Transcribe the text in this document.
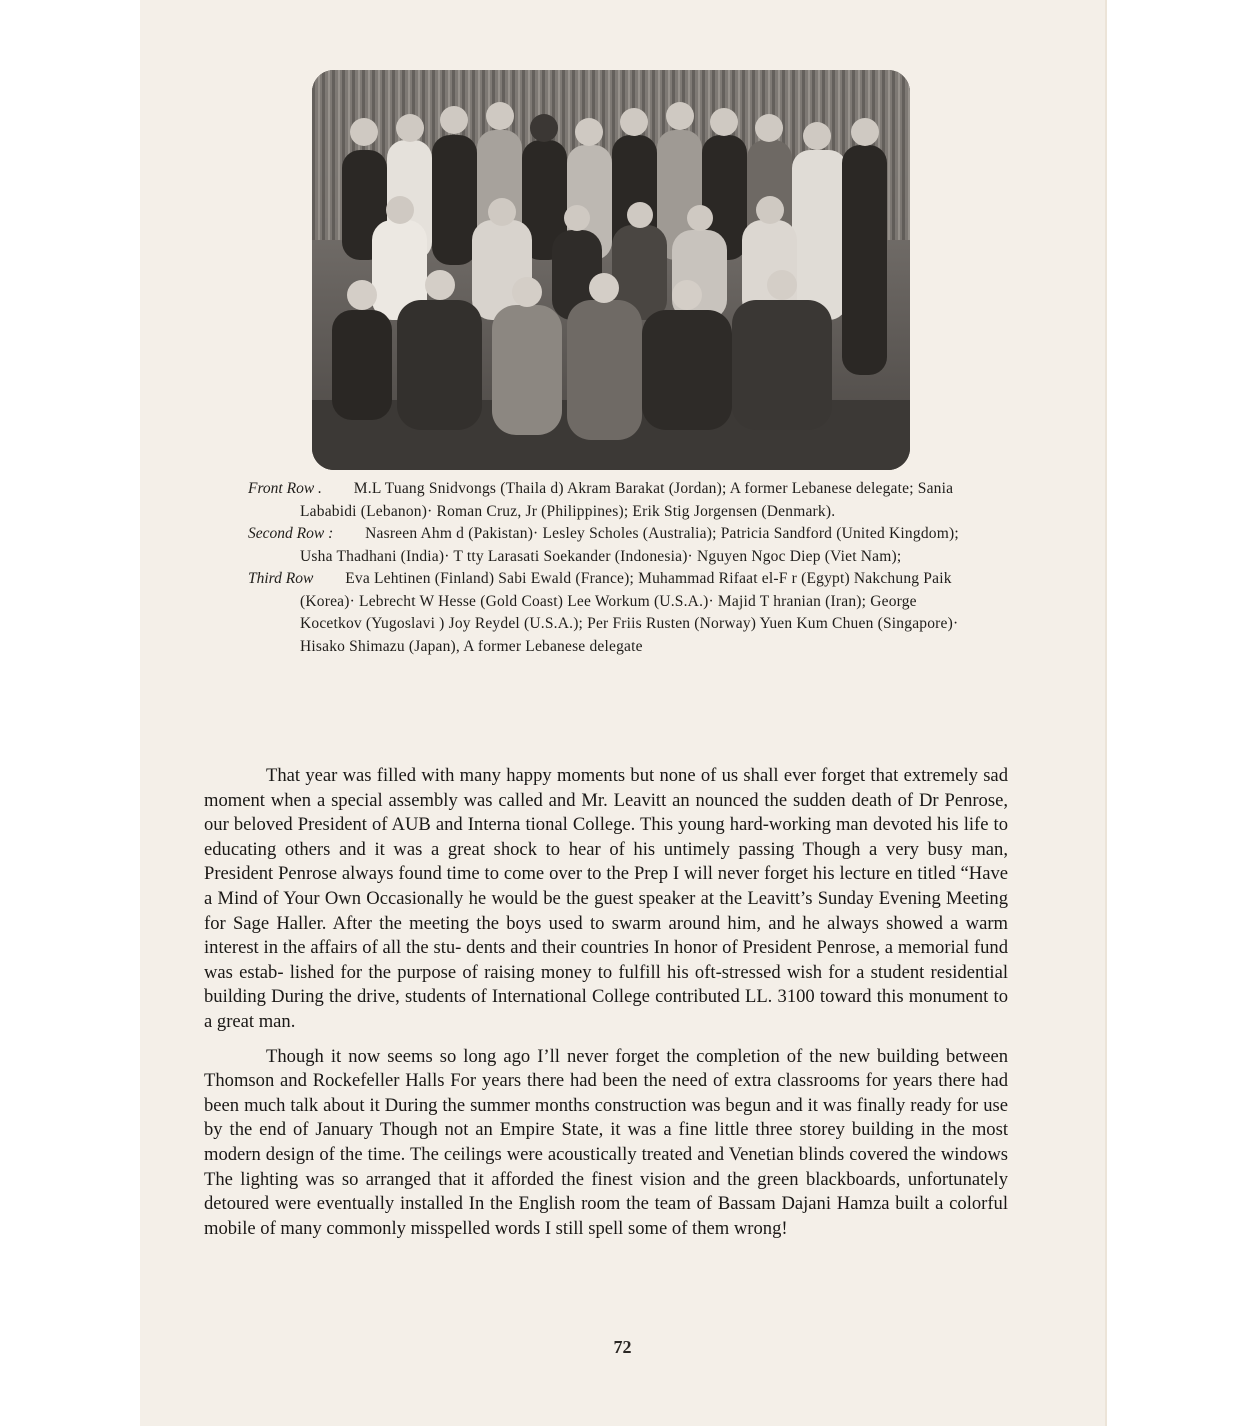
Front Row . M.L Tuang Snidvongs (Thaila d) Akram Barakat (Jordan); A former Lebanese delegate; Sania Lababidi (Lebanon)· Roman Cruz, Jr (Philippines); Erik Stig Jorgensen (Denmark).

Second Row : Nasreen Ahm d (Pakistan)· Lesley Scholes (Australia); Patricia Sandford (United Kingdom); Usha Thadhani (India)· T tty Larasati Soekander (Indonesia)· Nguyen Ngoc Diep (Viet Nam);

Third Row Eva Lehtinen (Finland) Sabi Ewald (France); Muhammad Rifaat el-F r (Egypt) Nakchung Paik (Korea)· Lebrecht W Hesse (Gold Coast) Lee Workum (U.S.A.)· Majid T hranian (Iran); George Kocetkov (Yugoslavi ) Joy Reydel (U.S.A.); Per Friis Rusten (Norway) Yuen Kum Chuen (Singapore)· Hisako Shimazu (Japan), A former Lebanese delegate

That year was filled with many happy moments but none of us shall ever forget that extremely sad moment when a special assembly was called and Mr. Leavitt an nounced the sudden death of Dr Penrose, our beloved President of AUB and Interna tional College. This young hard-working man devoted his life to educating others and it was a great shock to hear of his untimely passing Though a very busy man, President Penrose always found time to come over to the Prep I will never forget his lecture en titled “Have a Mind of Your Own Occasionally he would be the guest speaker at the Leavitt’s Sunday Evening Meeting for Sage Haller. After the meeting the boys used to swarm around him, and he always showed a warm interest in the affairs of all the stu- dents and their countries In honor of President Penrose, a memorial fund was estab- lished for the purpose of raising money to fulfill his oft-stressed wish for a student residential building During the drive, students of International College contributed LL. 3100 toward this monument to a great man.

Though it now seems so long ago I’ll never forget the completion of the new building between Thomson and Rockefeller Halls For years there had been the need of extra classrooms for years there had been much talk about it During the summer months construction was begun and it was finally ready for use by the end of January Though not an Empire State, it was a fine little three storey building in the most modern design of the time. The ceilings were acoustically treated and Venetian blinds covered the windows The lighting was so arranged that it afforded the finest vision and the green blackboards, unfortunately detoured were eventually installed In the English room the team of Bassam Dajani Hamza built a colorful mobile of many commonly misspelled words I still spell some of them wrong!

72
